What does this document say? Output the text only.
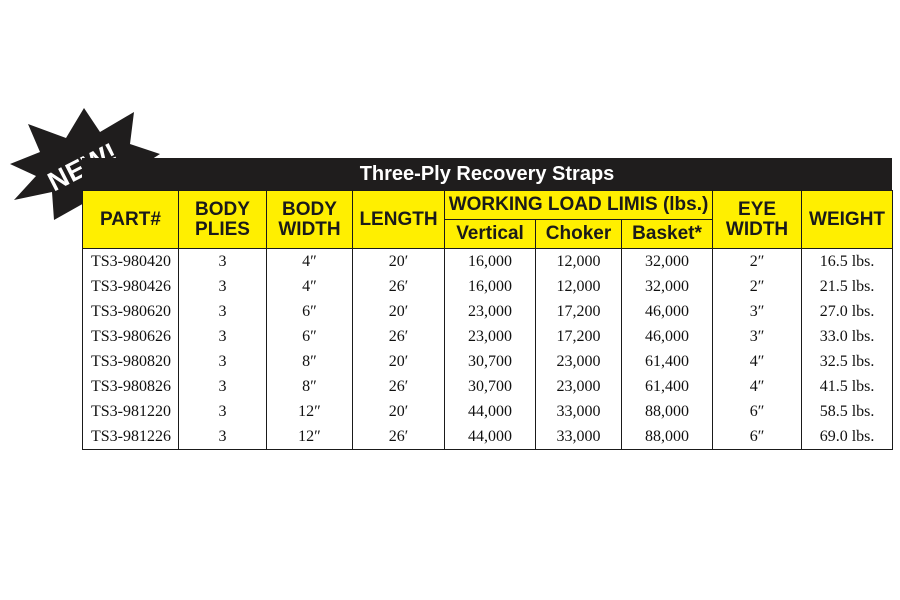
Three-Ply Recovery Straps
PART#	BODY PLIES	BODY WIDTH	LENGTH	WORKING LOAD LIMIS (lbs.)			EYE WIDTH	WEIGHT
				Vertical	Choker	Basket*		
TS3-980420	3	4″	20′	16,000	12,000	32,000	2″	16.5 lbs.
TS3-980426	3	4″	26′	16,000	12,000	32,000	2″	21.5 lbs.
TS3-980620	3	6″	20′	23,000	17,200	46,000	3″	27.0 lbs.
TS3-980626	3	6″	26′	23,000	17,200	46,000	3″	33.0 lbs.
TS3-980820	3	8″	20′	30,700	23,000	61,400	4″	32.5 lbs.
TS3-980826	3	8″	26′	30,700	23,000	61,400	4″	41.5 lbs.
TS3-981220	3	12″	20′	44,000	33,000	88,000	6″	58.5 lbs.
TS3-981226	3	12″	26′	44,000	33,000	88,000	6″	69.0 lbs.
